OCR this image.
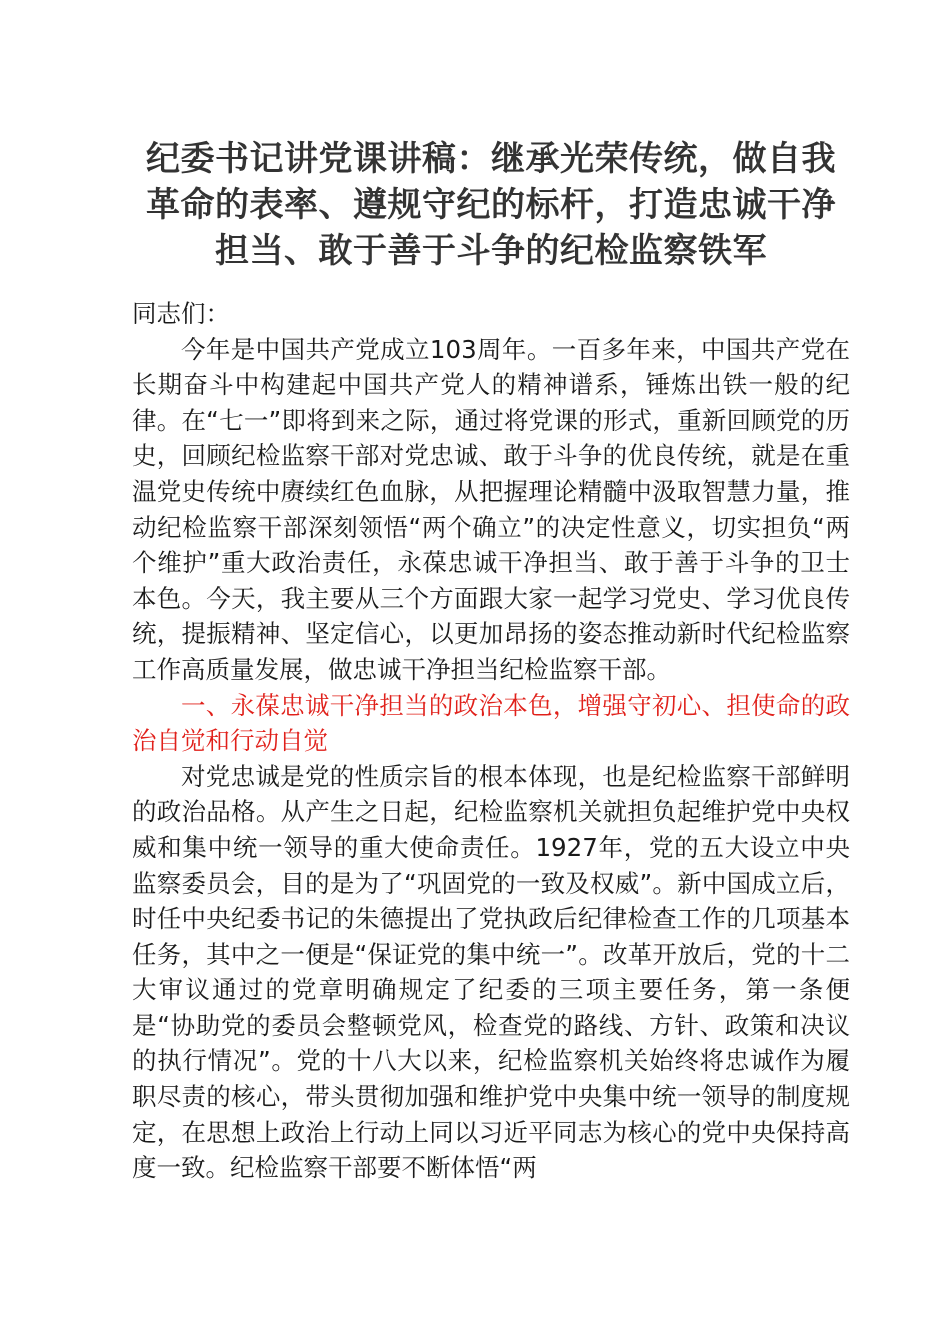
纪委书记讲党课讲稿：继承光荣传统，做自我革命的表率、遵规守纪的标杆，打造忠诚干净担当、敢于善于斗争的纪检监察铁军

同志们：

今年是中国共产党成立103周年。一百多年来，中国共产党在长期奋斗中构建起中国共产党人的精神谱系，锤炼出铁一般的纪律。在“七一”即将到来之际，通过将党课的形式，重新回顾党的历史，回顾纪检监察干部对党忠诚、敢于斗争的优良传统，就是在重温党史传统中赓续红色血脉，从把握理论精髓中汲取智慧力量，推动纪检监察干部深刻领悟“两个确立”的决定性意义，切实担负“两个维护”重大政治责任，永葆忠诚干净担当、敢于善于斗争的卫士本色。今天，我主要从三个方面跟大家一起学习党史、学习优良传统，提振精神、坚定信心，以更加昂扬的姿态推动新时代纪检监察工作高质量发展，做忠诚干净担当纪检监察干部。

一、永葆忠诚干净担当的政治本色，增强守初心、担使命的政治自觉和行动自觉

对党忠诚是党的性质宗旨的根本体现，也是纪检监察干部鲜明的政治品格。从产生之日起，纪检监察机关就担负起维护党中央权威和集中统一领导的重大使命责任。1927年，党的五大设立中央监察委员会，目的是为了“巩固党的一致及权威”。新中国成立后，时任中央纪委书记的朱德提出了党执政后纪律检查工作的几项基本任务，其中之一便是“保证党的集中统一”。改革开放后，党的十二大审议通过的党章明确规定了纪委的三项主要任务，第一条便是“协助党的委员会整顿党风，检查党的路线、方针、政策和决议的执行情况”。党的十八大以来，纪检监察机关始终将忠诚作为履职尽责的核心，带头贯彻加强和维护党中央集中统一领导的制度规定，在思想上政治上行动上同以习近平同志为核心的党中央保持高度一致。纪检监察干部要不断体悟“两
